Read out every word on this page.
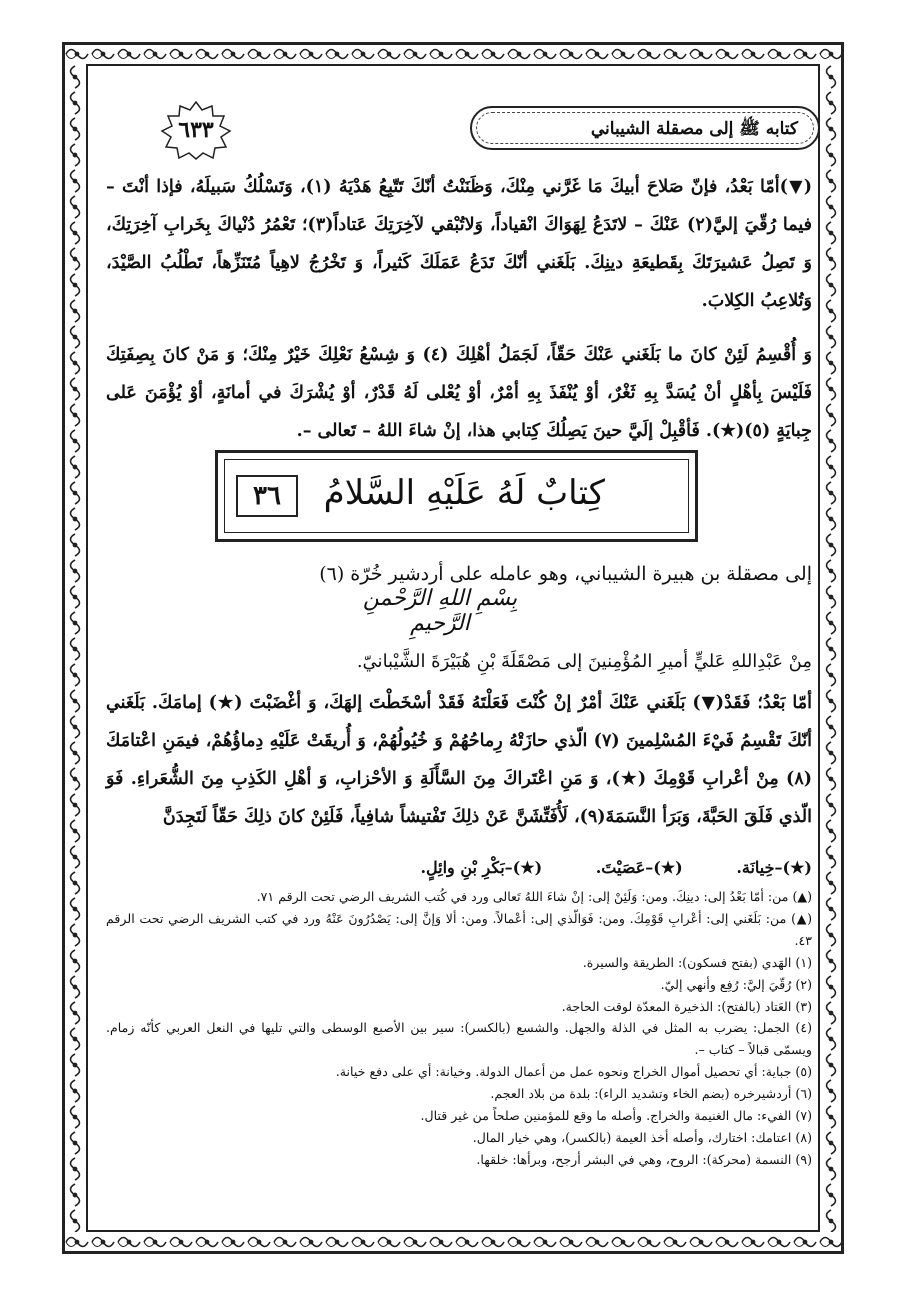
كتابه ﷺ إلى مصقلة الشيباني
٦٣٣
(▼)أمّا بَعْدُ، فإنّ صَلاحَ أبيكَ مَا غَرَّني مِنْكَ، وَظَنَنْتُ أنّكَ تَتّبِعُ هَدْيَهُ (١)، وَتَسْلُكُ سَبيلَهُ، فإذا أنْتَ – فيما رُقّيَ إليَّ(٢) عَنْكَ – لاتَدَعُ لِهَوَاكَ انْقياداً، وَلاتُبْقي لآخِرَتِكَ عَتاداً(٣)؛ تَعْمُرُ دُنْياكَ بِخَرابِ آخِرَتِكَ، وَ تَصِلُ عَشيرَتَكَ بِقَطيعَةِ دينِكَ. بَلَغَني أنّكَ تَدَعُ عَمَلَكَ كَثيراً، وَ تَخْرُجُ لاهِياً مُتَنَزِّهاً، تَطْلُبُ الصَّيْدَ، وَتُلاعِبُ الكِلابَ.
وَ أُقْسِمُ لَئِنْ كانَ ما بَلَغَني عَنْكَ حَقّاً، لَجَمَلُ أهْلِكَ (٤) وَ شِسْعُ نَعْلِكَ خَيْرٌ مِنْكَ؛ وَ مَنْ كانَ بِصِفَتِكَ فَلَيْسَ بِأهْلٍ أنْ يُسَدَّ بِهِ ثَغْرٌ، أوْ يُنْفَذَ بِهِ أمْرٌ، أوْ يُعْلى لَهُ قَدْرٌ، أوْ يُشْرَكَ في أمانَةٍ، أوْ يُؤْمَنَ عَلى جِبايَةٍ (٥)(★). فَأقْبِلْ إلَيَّ حينَ يَصِلُكَ كِتابي هذا، إنْ شاءَ اللهُ – تَعالى –.
كِتابٌ لَهُ عَلَيْهِ السَّلامُ
٣٦
إلى مصقلة بن هبيرة الشيباني، وهو عامله على أردشير خُرّة (٦)
بِسْمِ اللهِ الرَّحْمنِ الرَّحيمِ
مِنْ عَبْدِاللهِ عَليٍّ أميرِ المُؤْمِنينَ إلى مَصْقَلَةَ بْنِ هُبَيْرَةَ الشَّيْبانيّ.
أمّا بَعْدُ؛ فَقَدْ(▼) بَلَغَني عَنْكَ أمْرٌ إنْ كُنْتَ فَعَلْتَهُ فَقَدْ أسْخَطْتَ إلهَكَ، وَ أغْضَبْتَ (★) إمامَكَ. بَلَغَني أنّكَ تَقْسِمُ فَيْءَ المُسْلِمينَ (٧) الّذي حازَتْهُ رِماحُهُمْ وَ خُيُولُهُمْ، وَ أُريقَتْ عَلَيْهِ دِماؤُهُمْ، فيمَنِ اعْتامَكَ (٨) مِنْ أعْرابِ قَوْمِكَ (★)، وَ مَنِ اعْتَراكَ مِنَ السَّأَلَةِ وَ الأحْزابِ، وَ أهْلِ الكَذِبِ مِنَ الشُّعَراءِ. فَوَ الّذي فَلَقَ الحَبَّةَ، وَبَرَأ النَّسَمَةَ(٩)، لَأُفَتِّشَنَّ عَنْ ذلِكَ تَفْتيشاً شافِياً، فَلَئِنْ كانَ ذلِكَ حَقّاً لَتَجِدَنَّ
(★)–خِيانَة. (★)–عَصَيْتَ. (★)–بَكْرِ بْنِ وائِلٍ.
(▲) من: أمّا بَعْدُ إلى: دينِكَ. ومن: وَلَئِنْ إلى: إنْ شاءَ اللهُ تَعالى ورد في كُتب الشريف الرضي تحت الرقم ٧١.
(▲) من: بَلَغَني إلى: أعْرابِ قَوْمِكَ. ومن: فَوَالّذي إلى: أعْمالاً. ومن: ألا وَإنَّ إلى: يَصْدُرُونَ عَنْهُ ورد في كتب الشريف الرضي تحت الرقم ٤٣.
(١) الهَدي (بفتح فسكون): الطريقة والسيرة.
(٢) رُقّيَ إليَّ: رُفِع وأنهي إليّ.
(٣) العَتاد (بالفتح): الذخيرة المعدّة لوقت الحاجة.
(٤) الجمل: يضرب به المثل في الذلة والجهل. والشسع (بالكسر): سير بين الأصبع الوسطى والتي تليها في النعل العربي كأنّه زمام. ويسمّى قبالاً – كتاب –.
(٥) جباية: أي تحصيل أموال الخراج ونحوه عمل من أعمال الدولة. وخيانة: أي على دفع خيانة.
(٦) أردشيرخره (بضم الخاء وتشديد الراء): بلدة من بلاد العجم.
(٧) الفيء: مال الغنيمة والخراج. وأصله ما وقع للمؤمنين صلحاً من غير قتال.
(٨) اعتامك: اختارك، وأصله أخذ العيمة (بالكسر)، وهي خيار المال.
(٩) النسمة (محركة): الروح، وهي في البشر أرجح، وبرأها: خلقها.
